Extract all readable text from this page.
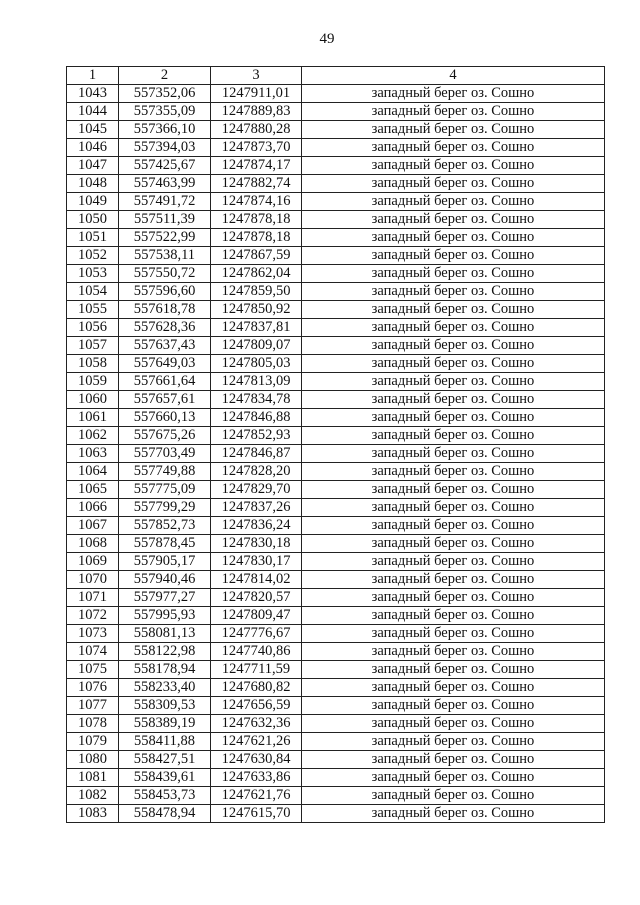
49
1	2	3	4
1043	557352,06	1247911,01	западный берег оз. Сошно
1044	557355,09	1247889,83	западный берег оз. Сошно
1045	557366,10	1247880,28	западный берег оз. Сошно
1046	557394,03	1247873,70	западный берег оз. Сошно
1047	557425,67	1247874,17	западный берег оз. Сошно
1048	557463,99	1247882,74	западный берег оз. Сошно
1049	557491,72	1247874,16	западный берег оз. Сошно
1050	557511,39	1247878,18	западный берег оз. Сошно
1051	557522,99	1247878,18	западный берег оз. Сошно
1052	557538,11	1247867,59	западный берег оз. Сошно
1053	557550,72	1247862,04	западный берег оз. Сошно
1054	557596,60	1247859,50	западный берег оз. Сошно
1055	557618,78	1247850,92	западный берег оз. Сошно
1056	557628,36	1247837,81	западный берег оз. Сошно
1057	557637,43	1247809,07	западный берег оз. Сошно
1058	557649,03	1247805,03	западный берег оз. Сошно
1059	557661,64	1247813,09	западный берег оз. Сошно
1060	557657,61	1247834,78	западный берег оз. Сошно
1061	557660,13	1247846,88	западный берег оз. Сошно
1062	557675,26	1247852,93	западный берег оз. Сошно
1063	557703,49	1247846,87	западный берег оз. Сошно
1064	557749,88	1247828,20	западный берег оз. Сошно
1065	557775,09	1247829,70	западный берег оз. Сошно
1066	557799,29	1247837,26	западный берег оз. Сошно
1067	557852,73	1247836,24	западный берег оз. Сошно
1068	557878,45	1247830,18	западный берег оз. Сошно
1069	557905,17	1247830,17	западный берег оз. Сошно
1070	557940,46	1247814,02	западный берег оз. Сошно
1071	557977,27	1247820,57	западный берег оз. Сошно
1072	557995,93	1247809,47	западный берег оз. Сошно
1073	558081,13	1247776,67	западный берег оз. Сошно
1074	558122,98	1247740,86	западный берег оз. Сошно
1075	558178,94	1247711,59	западный берег оз. Сошно
1076	558233,40	1247680,82	западный берег оз. Сошно
1077	558309,53	1247656,59	западный берег оз. Сошно
1078	558389,19	1247632,36	западный берег оз. Сошно
1079	558411,88	1247621,26	западный берег оз. Сошно
1080	558427,51	1247630,84	западный берег оз. Сошно
1081	558439,61	1247633,86	западный берег оз. Сошно
1082	558453,73	1247621,76	западный берег оз. Сошно
1083	558478,94	1247615,70	западный берег оз. Сошно
